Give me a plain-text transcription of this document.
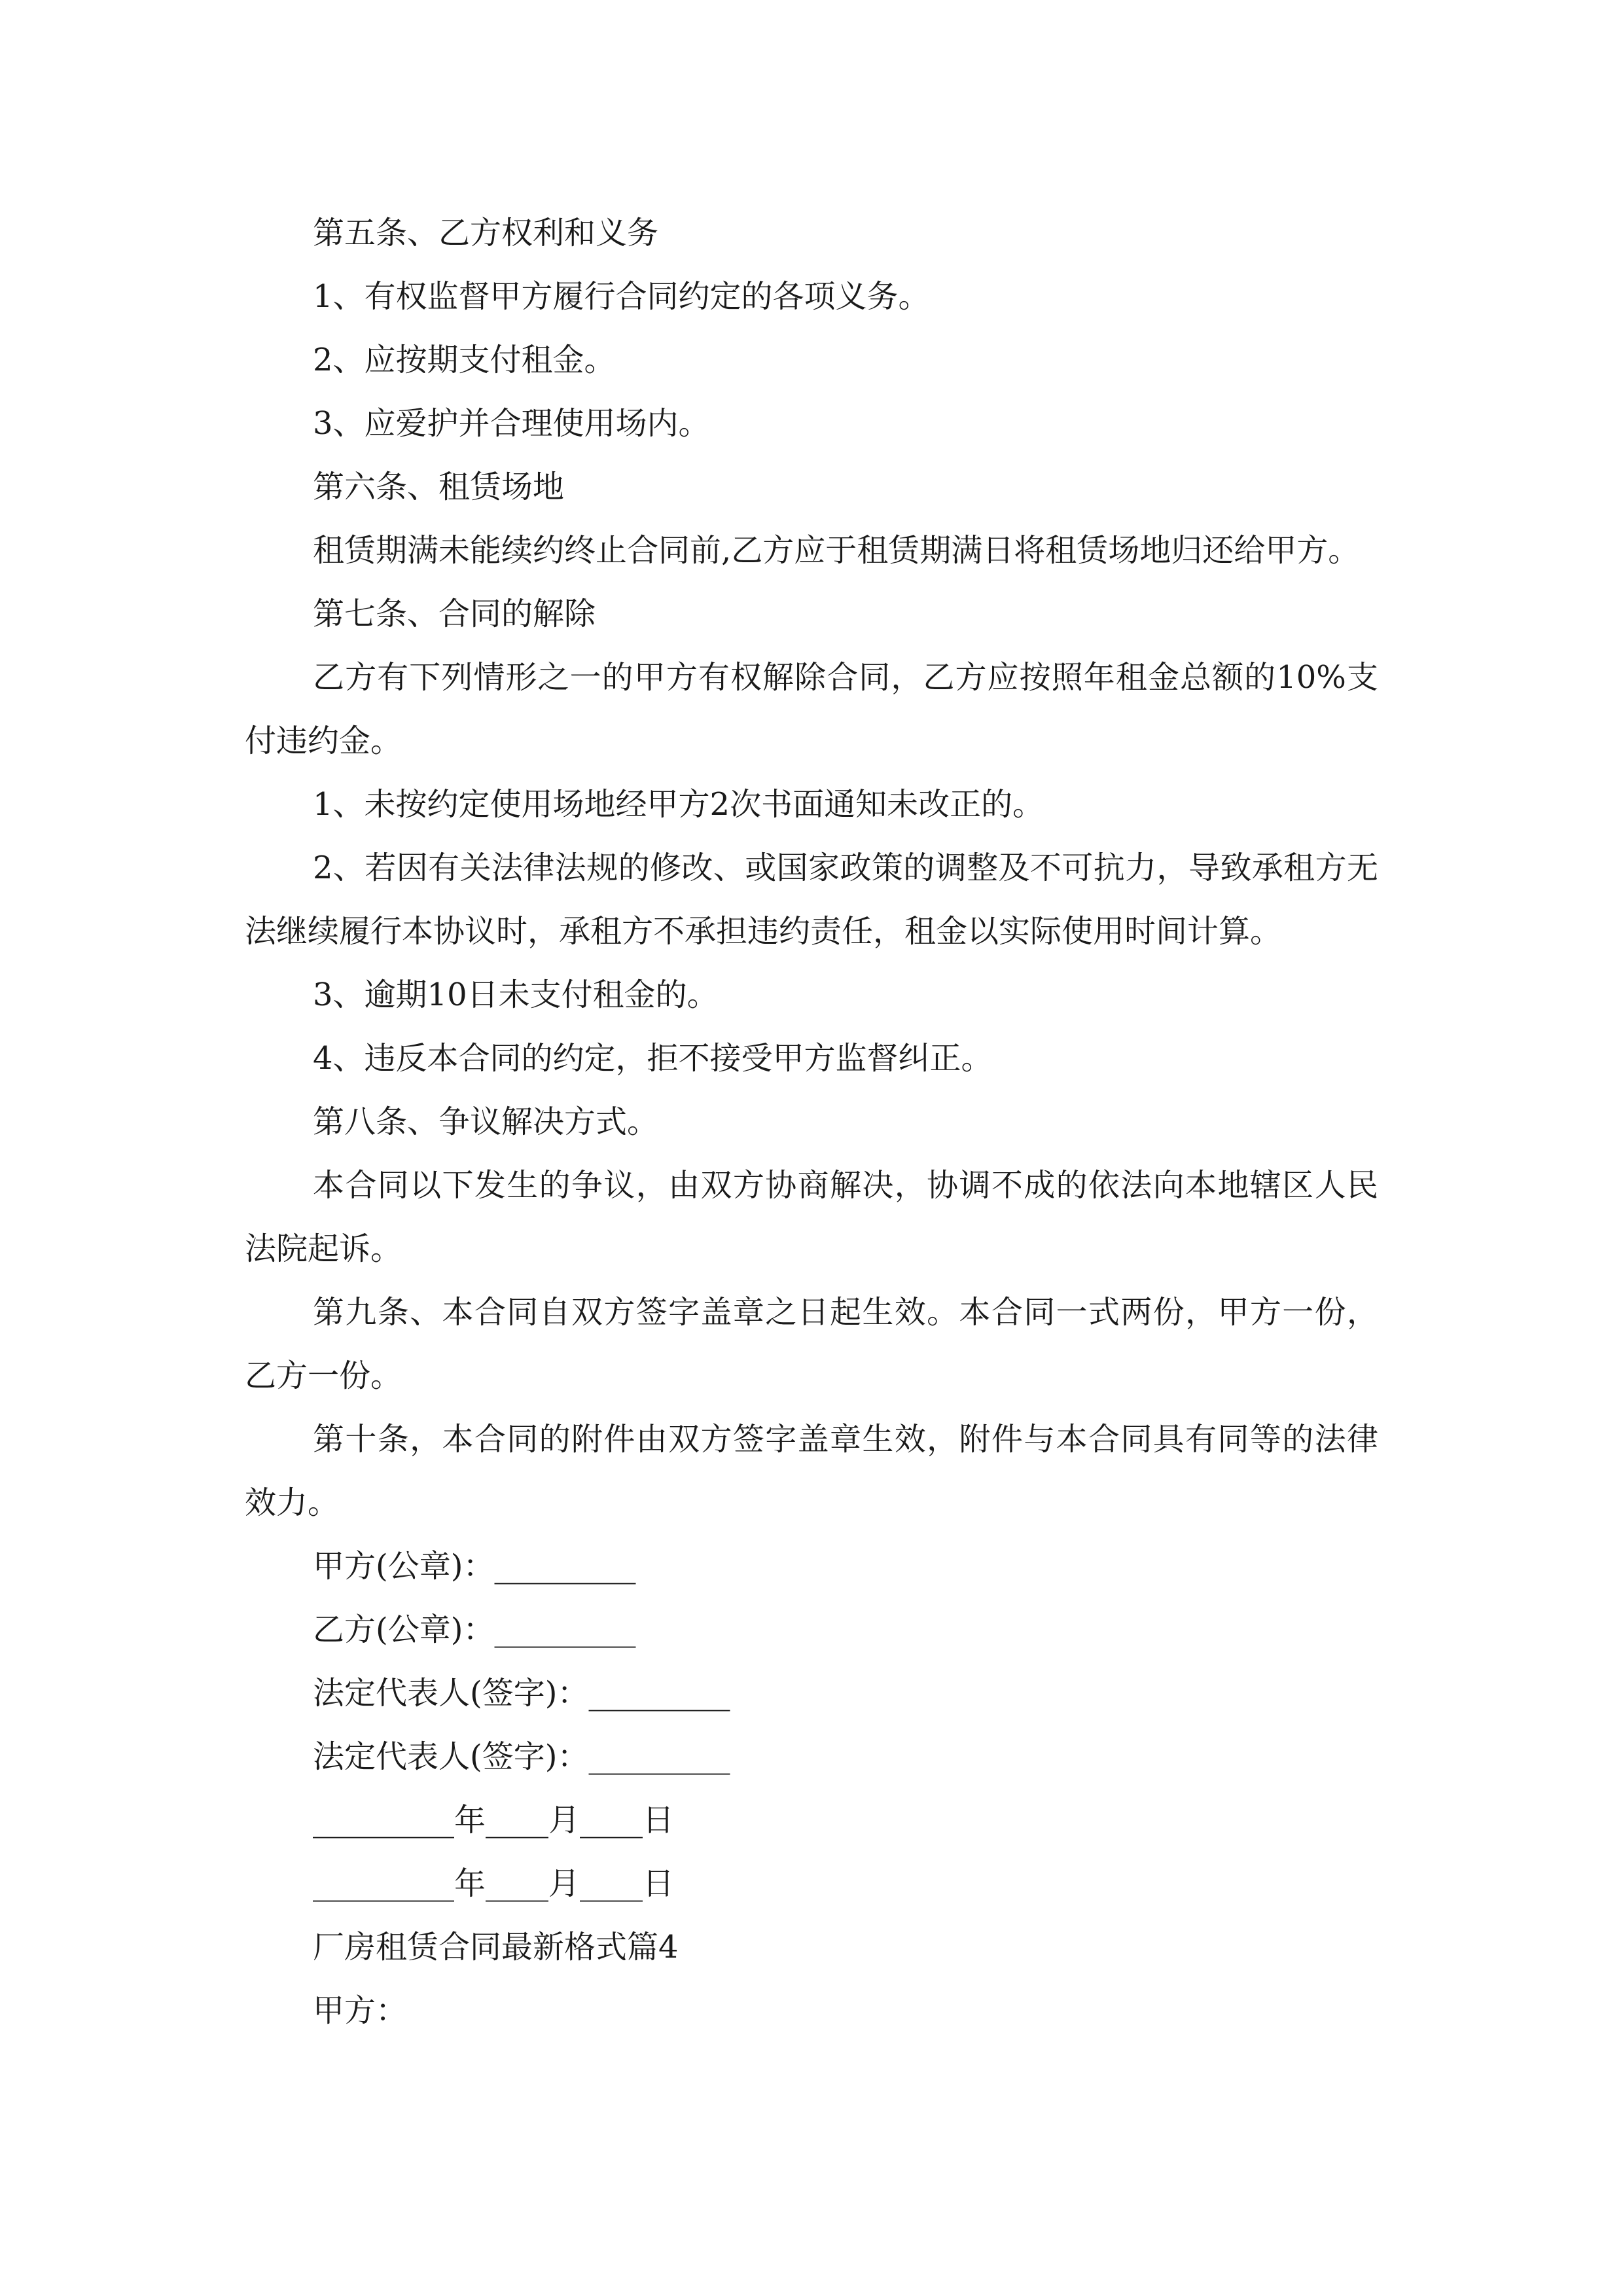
第五条、乙方权利和义务

1、有权监督甲方履行合同约定的各项义务。

2、应按期支付租金。

3、应爱护并合理使用场内。

第六条、租赁场地

租赁期满未能续约终止合同前,乙方应于租赁期满日将租赁场地归还给甲方。

第七条、合同的解除

乙方有下列情形之一的甲方有权解除合同，乙方应按照年租金总额的10%支付违约金。

1、未按约定使用场地经甲方2次书面通知未改正的。

2、若因有关法律法规的修改、或国家政策的调整及不可抗力，导致承租方无法继续履行本协议时，承租方不承担违约责任，租金以实际使用时间计算。

3、逾期10日未支付租金的。

4、违反本合同的约定，拒不接受甲方监督纠正。

第八条、争议解决方式。

本合同以下发生的争议，由双方协商解决，协调不成的依法向本地辖区人民法院起诉。

第九条、本合同自双方签字盖章之日起生效。本合同一式两份，甲方一份，乙方一份。

第十条，本合同的附件由双方签字盖章生效，附件与本合同具有同等的法律效力。

甲方(公章)：_________

乙方(公章)：_________

法定代表人(签字)：_________

法定代表人(签字)：_________

_________年____月____日

_________年____月____日

厂房租赁合同最新格式篇4

甲方：
